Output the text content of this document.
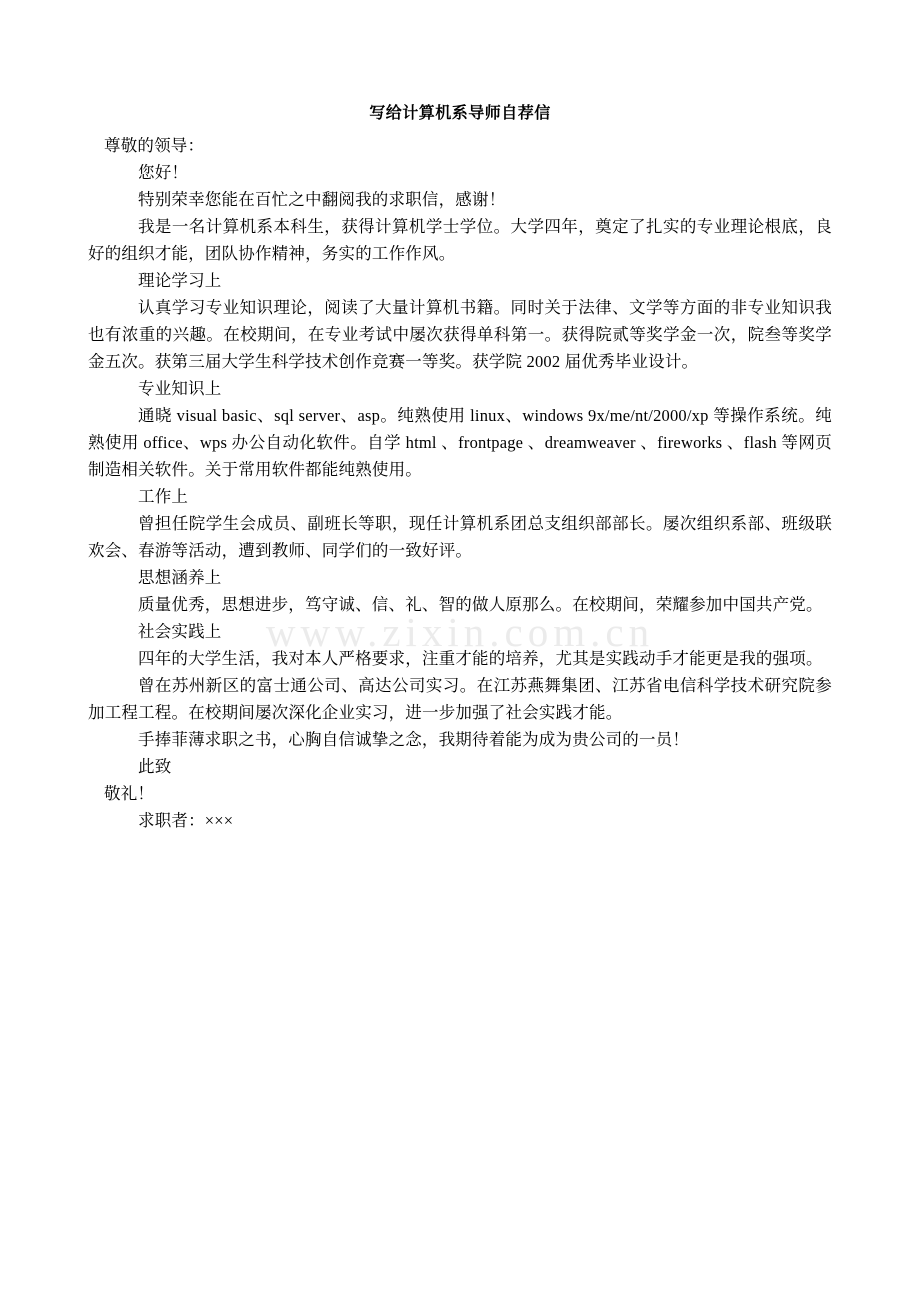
www.zixin.com.cn
写给计算机系导师自荐信

尊敬的领导：

您好！

特别荣幸您能在百忙之中翻阅我的求职信，感谢！

我是一名计算机系本科生，获得计算机学士学位。大学四年，奠定了扎实的专业理论根底，良好的组织才能，团队协作精神，务实的工作作风。

理论学习上

认真学习专业知识理论，阅读了大量计算机书籍。同时关于法律、文学等方面的非专业知识我也有浓重的兴趣。在校期间，在专业考试中屡次获得单科第一。获得院贰等奖学金一次，院叁等奖学金五次。获第三届大学生科学技术创作竞赛一等奖。获学院 2002 届优秀毕业设计。

专业知识上

通晓 visual basic、sql server、asp。纯熟使用 linux、windows 9x/me/nt/2000/xp 等操作系统。纯熟使用 office、wps 办公自动化软件。自学 html 、frontpage 、dreamweaver 、fireworks 、flash 等网页制造相关软件。关于常用软件都能纯熟使用。

工作上

曾担任院学生会成员、副班长等职，现任计算机系团总支组织部部长。屡次组织系部、班级联欢会、春游等活动，遭到教师、同学们的一致好评。

思想涵养上

质量优秀，思想进步，笃守诚、信、礼、智的做人原那么。在校期间，荣耀参加中国共产党。

社会实践上

四年的大学生活，我对本人严格要求，注重才能的培养，尤其是实践动手才能更是我的强项。

曾在苏州新区的富士通公司、高达公司实习。在江苏燕舞集团、江苏省电信科学技术研究院参加工程工程。在校期间屡次深化企业实习，进一步加强了社会实践才能。

手捧菲薄求职之书，心胸自信诚挚之念，我期待着能为成为贵公司的一员！

此致

敬礼！

求职者：×××
